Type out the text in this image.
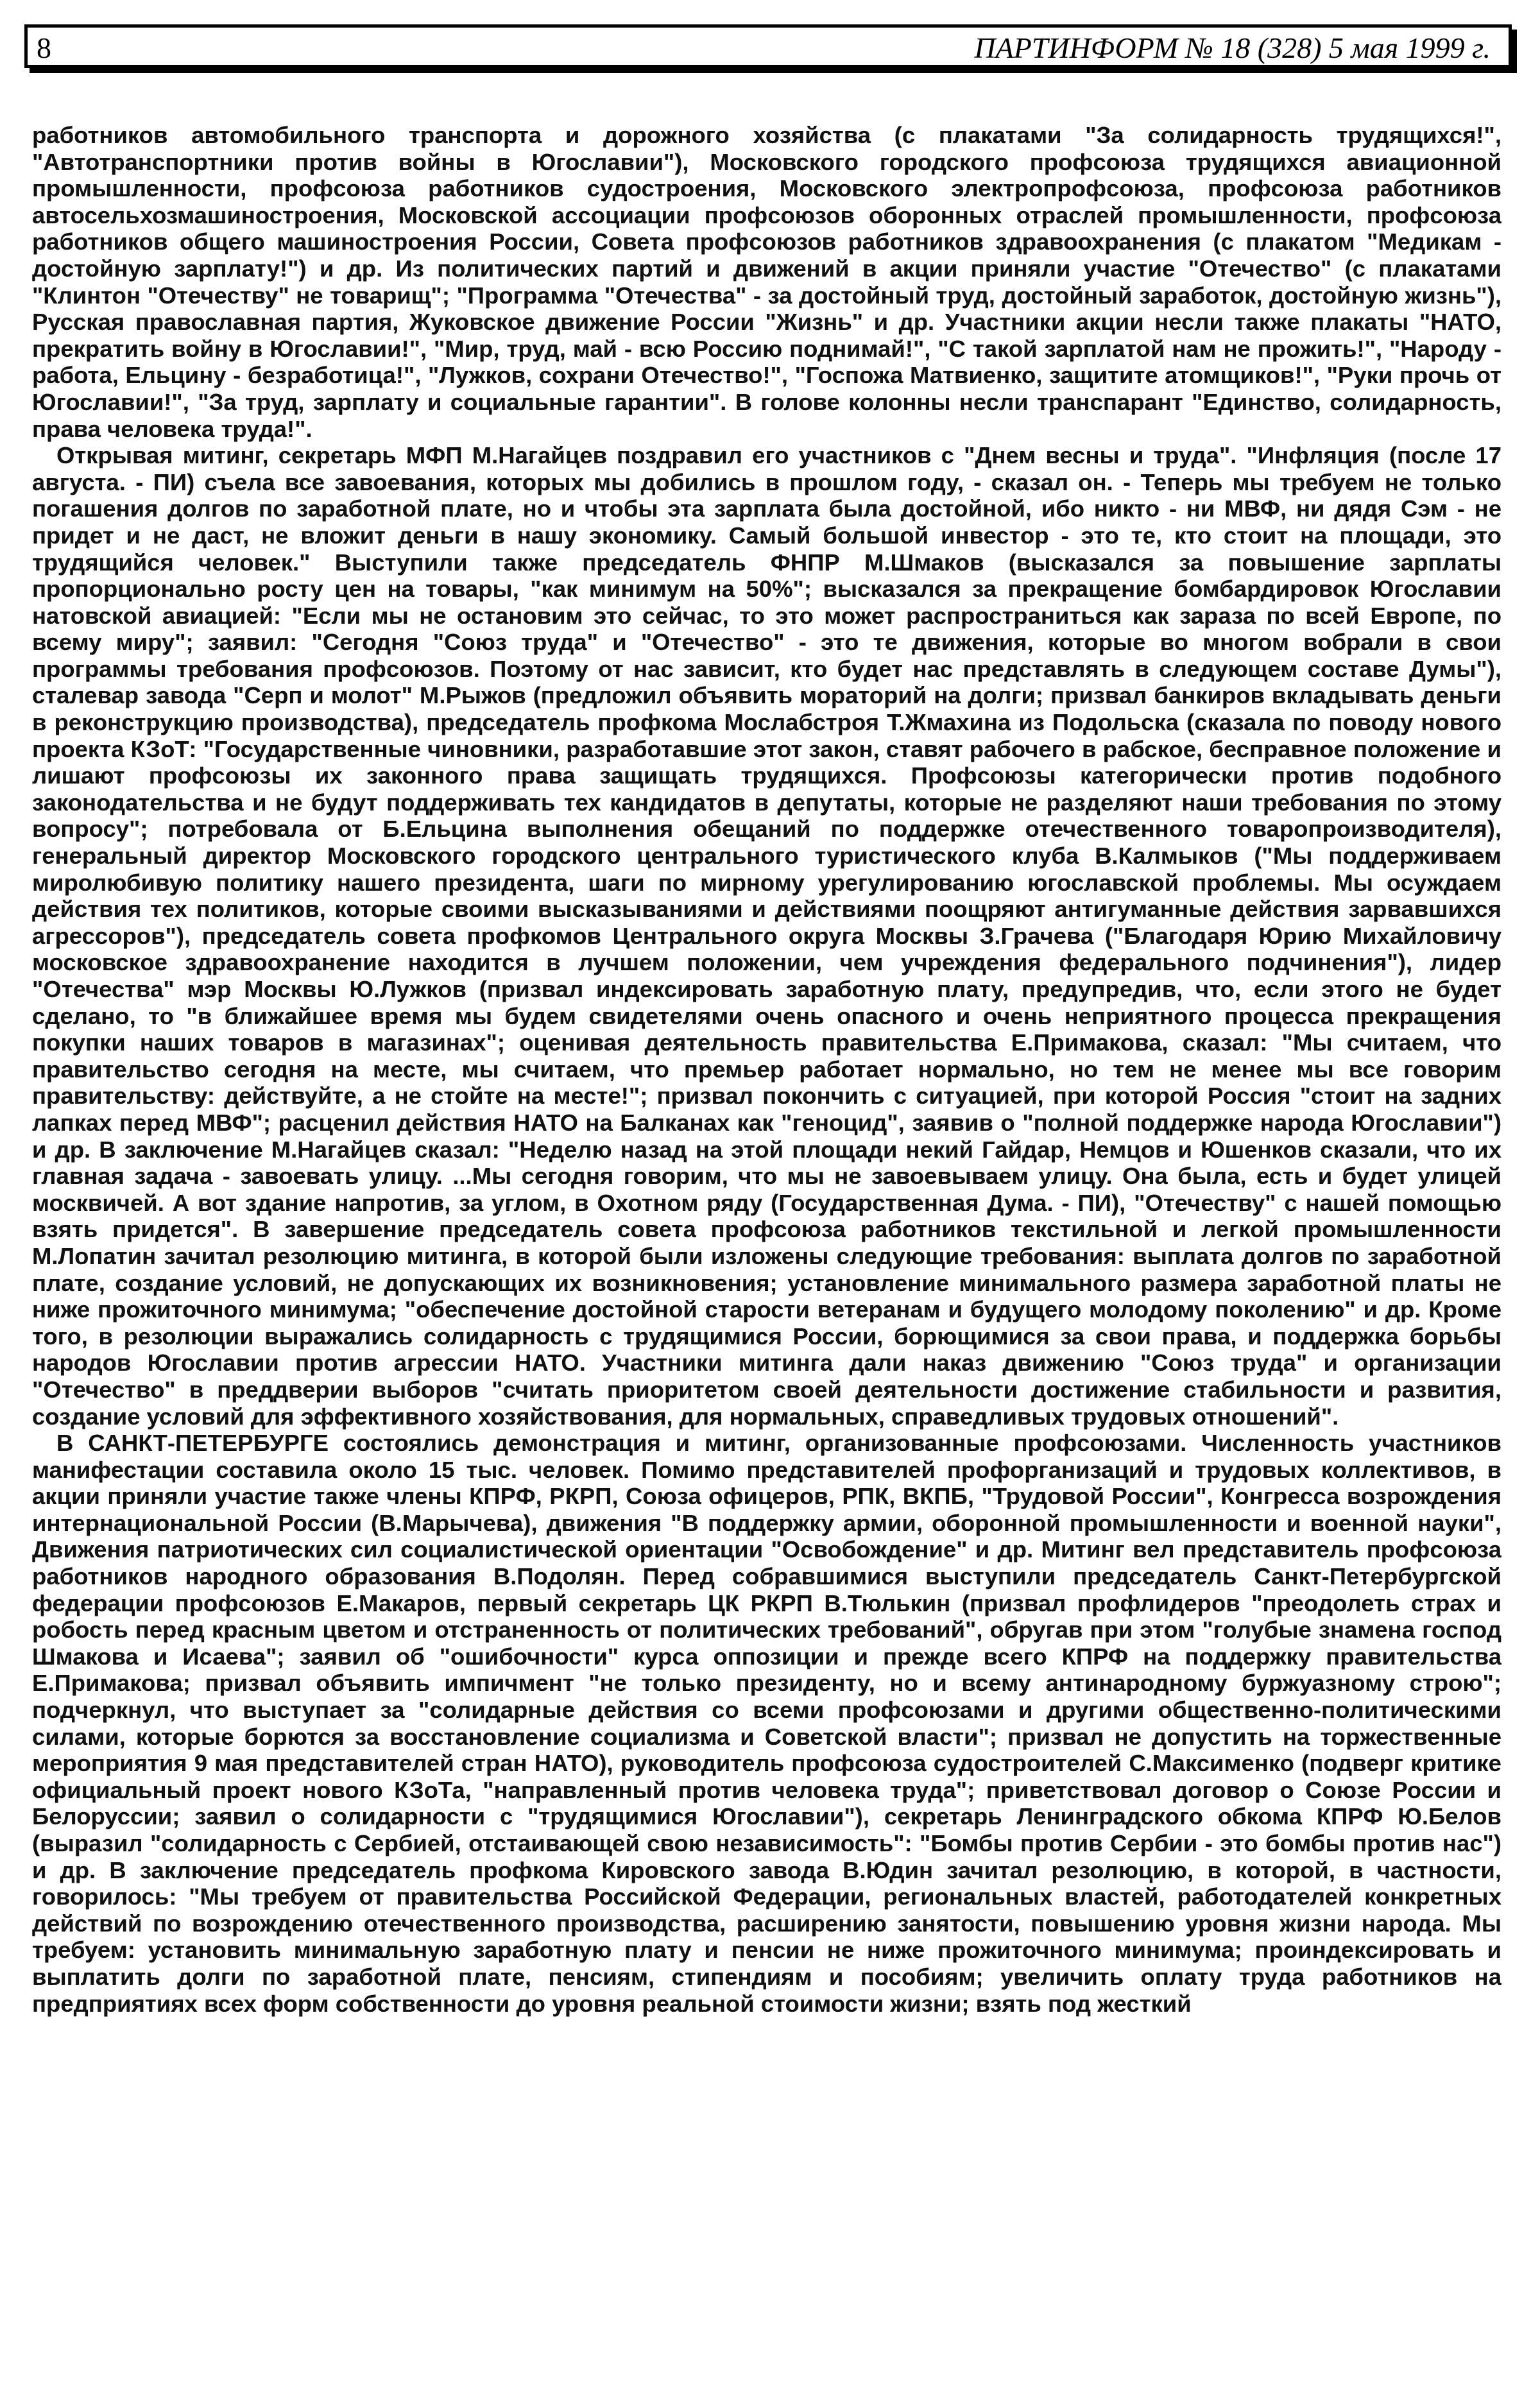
8	ПАРТИНФОРМ № 18 (328) 5 мая 1999 г.

работников автомобильного транспорта и дорожного хозяйства (с плакатами "За солидарность трудящихся!", "Автотранспортники против войны в Югославии"), Московского городского профсоюза трудящихся авиационной промышленности, профсоюза работников судостроения, Московского электропрофсоюза, профсоюза работников автосельхозмашиностроения, Московской ассоциации профсоюзов оборонных отраслей промышленности, профсоюза работников общего машиностроения России, Совета профсоюзов работников здравоохранения (с плакатом "Медикам - достойную зарплату!") и др. Из политических партий и движений в акции приняли участие "Отечество" (с плакатами "Клинтон "Отечеству" не товарищ"; "Программа "Отечества" - за достойный труд, достойный заработок, достойную жизнь"), Русская православная партия, Жуковское движение России "Жизнь" и др. Участники акции несли также плакаты "НАТО, прекратить войну в Югославии!", "Мир, труд, май - всю Россию поднимай!", "С такой зарплатой нам не прожить!", "Народу - работа, Ельцину - безработица!", "Лужков, сохрани Отечество!", "Госпожа Матвиенко, защитите атомщиков!", "Руки прочь от Югославии!", "За труд, зарплату и социальные гарантии". В голове колонны несли транспарант "Единство, солидарность, права человека труда!".

Открывая митинг, секретарь МФП М.Нагайцев поздравил его участников с "Днем весны и труда". "Инфляция (после 17 августа. - ПИ) съела все завоевания, которых мы добились в прошлом году, - сказал он. - Теперь мы требуем не только погашения долгов по заработной плате, но и чтобы эта зарплата была достойной, ибо никто - ни МВФ, ни дядя Сэм - не придет и не даст, не вложит деньги в нашу экономику. Самый большой инвестор - это те, кто стоит на площади, это трудящийся человек." Выступили также председатель ФНПР М.Шмаков (высказался за повышение зарплаты пропорционально росту цен на товары, "как минимум на 50%"; высказался за прекращение бомбардировок Югославии натовской авиацией: "Если мы не остановим это сейчас, то это может распространиться как зараза по всей Европе, по всему миру"; заявил: "Сегодня "Союз труда" и "Отечество" - это те движения, которые во многом вобрали в свои программы требования профсоюзов. Поэтому от нас зависит, кто будет нас представлять в следующем составе Думы"), сталевар завода "Серп и молот" М.Рыжов (предложил объявить мораторий на долги; призвал банкиров вкладывать деньги в реконструкцию производства), председатель профкома Мослабстроя Т.Жмахина из Подольска (сказала по поводу нового проекта КЗоТ: "Государственные чиновники, разработавшие этот закон, ставят рабочего в рабское, бесправное положение и лишают профсоюзы их законного права защищать трудящихся. Профсоюзы категорически против подобного законодательства и не будут поддерживать тех кандидатов в депутаты, которые не разделяют наши требования по этому вопросу"; потребовала от Б.Ельцина выполнения обещаний по поддержке отечественного товаропроизводителя), генеральный директор Московского городского центрального туристического клуба В.Калмыков ("Мы поддерживаем миролюбивую политику нашего президента, шаги по мирному урегулированию югославской проблемы. Мы осуждаем действия тех политиков, которые своими высказываниями и действиями поощряют антигуманные действия зарвавшихся агрессоров"), председатель совета профкомов Центрального округа Москвы З.Грачева ("Благодаря Юрию Михайловичу московское здравоохранение находится в лучшем положении, чем учреждения федерального подчинения"), лидер "Отечества" мэр Москвы Ю.Лужков (призвал индексировать заработную плату, предупредив, что, если этого не будет сделано, то "в ближайшее время мы будем свидетелями очень опасного и очень неприятного процесса прекращения покупки наших товаров в магазинах"; оценивая деятельность правительства Е.Примакова, сказал: "Мы считаем, что правительство сегодня на месте, мы считаем, что премьер работает нормально, но тем не менее мы все говорим правительству: действуйте, а не стойте на месте!"; призвал покончить с ситуацией, при которой Россия "стоит на задних лапках перед МВФ"; расценил действия НАТО на Балканах как "геноцид", заявив о "полной поддержке народа Югославии") и др. В заключение М.Нагайцев сказал: "Неделю назад на этой площади некий Гайдар, Немцов и Юшенков сказали, что их главная задача - завоевать улицу. ...Мы сегодня говорим, что мы не завоевываем улицу. Она была, есть и будет улицей москвичей. А вот здание напротив, за углом, в Охотном ряду (Государственная Дума. - ПИ), "Отечеству" с нашей помощью взять придется". В завершение председатель совета профсоюза работников текстильной и легкой промышленности М.Лопатин зачитал резолюцию митинга, в которой были изложены следующие требования: выплата долгов по заработной плате, создание условий, не допускающих их возникновения; установление минимального размера заработной платы не ниже прожиточного минимума; "обеспечение достойной старости ветеранам и будущего молодому поколению" и др. Кроме того, в резолюции выражались солидарность с трудящимися России, борющимися за свои права, и поддержка борьбы народов Югославии против агрессии НАТО. Участники митинга дали наказ движению "Союз труда" и организации "Отечество" в преддверии выборов "считать приоритетом своей деятельности достижение стабильности и развития, создание условий для эффективного хозяйствования, для нормальных, справедливых трудовых отношений".

В САНКТ-ПЕТЕРБУРГЕ состоялись демонстрация и митинг, организованные профсоюзами. Численность участников манифестации составила около 15 тыс. человек. Помимо представителей профорганизаций и трудовых коллективов, в акции приняли участие также члены КПРФ, РКРП, Союза офицеров, РПК, ВКПБ, "Трудовой России", Конгресса возрождения интернациональной России (В.Марычева), движения "В поддержку армии, оборонной промышленности и военной науки", Движения патриотических сил социалистической ориентации "Освобождение" и др. Митинг вел представитель профсоюза работников народного образования В.Подолян. Перед собравшимися выступили председатель Санкт-Петербургской федерации профсоюзов Е.Макаров, первый секретарь ЦК РКРП В.Тюлькин (призвал профлидеров "преодолеть страх и робость перед красным цветом и отстраненность от политических требований", обругав при этом "голубые знамена господ Шмакова и Исаева"; заявил об "ошибочности" курса оппозиции и прежде всего КПРФ на поддержку правительства Е.Примакова; призвал объявить импичмент "не только президенту, но и всему антинародному буржуазному строю"; подчеркнул, что выступает за "солидарные действия со всеми профсоюзами и другими общественно-политическими силами, которые борются за восстановление социализма и Советской власти"; призвал не допустить на торжественные мероприятия 9 мая представителей стран НАТО), руководитель профсоюза судостроителей С.Максименко (подверг критике официальный проект нового КЗоТа, "направленный против человека труда"; приветствовал договор о Союзе России и Белоруссии; заявил о солидарности с "трудящимися Югославии"), секретарь Ленинградского обкома КПРФ Ю.Белов (выразил "солидарность с Сербией, отстаивающей свою независимость": "Бомбы против Сербии - это бомбы против нас") и др. В заключение председатель профкома Кировского завода В.Юдин зачитал резолюцию, в которой, в частности, говорилось: "Мы требуем от правительства Российской Федерации, региональных властей, работодателей конкретных действий по возрождению отечественного производства, расширению занятости, повышению уровня жизни народа. Мы требуем: установить минимальную заработную плату и пенсии не ниже прожиточного минимума; проиндексировать и выплатить долги по заработной плате, пенсиям, стипендиям и пособиям; увеличить оплату труда работников на предприятиях всех форм собственности до уровня реальной стоимости жизни; взять под жесткий
